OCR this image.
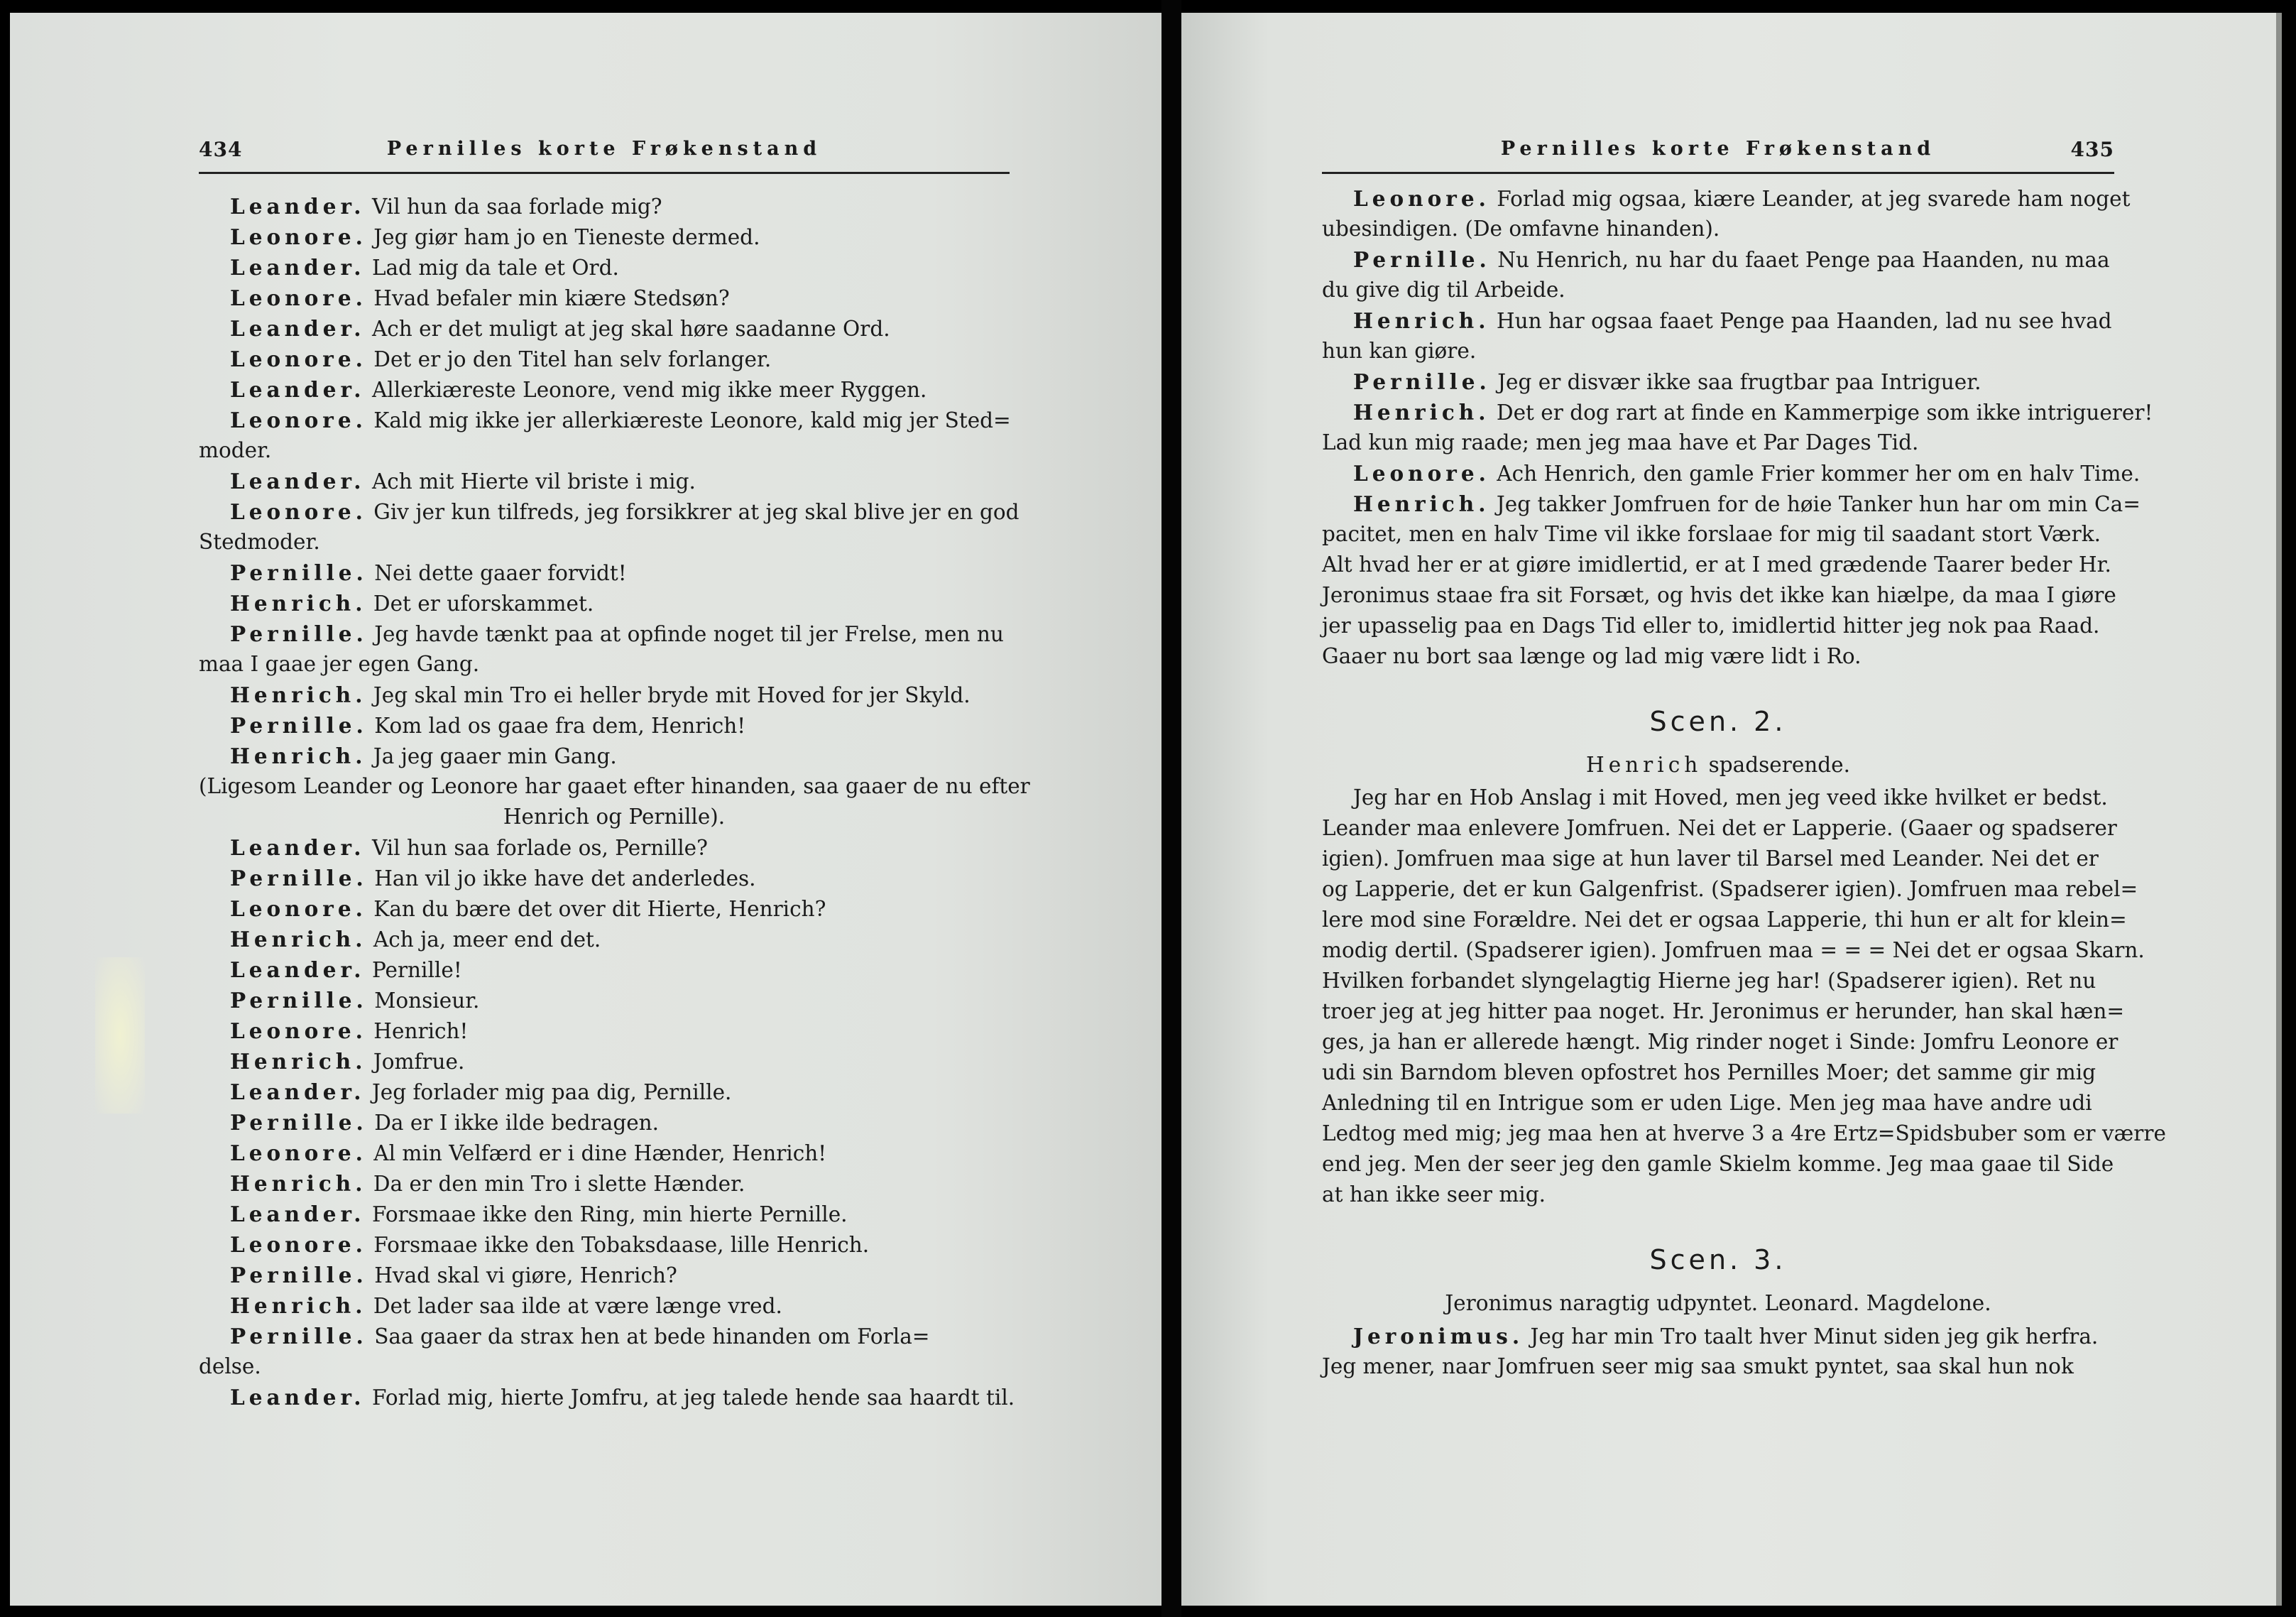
434	Pernilles korte Frøkenstand
Leander. Vil hun da saa forlade mig?
Leonore. Jeg giør ham jo en Tieneste dermed.
Leander. Lad mig da tale et Ord.
Leonore. Hvad befaler min kiære Stedsøn?
Leander. Ach er det muligt at jeg skal høre saadanne Ord.
Leonore. Det er jo den Titel han selv forlanger.
Leander. Allerkiæreste Leonore, vend mig ikke meer Ryggen.
Leonore. Kald mig ikke jer allerkiæreste Leonore, kald mig jer Sted=
moder.
Leander. Ach mit Hierte vil briste i mig.
Leonore. Giv jer kun tilfreds, jeg forsikkrer at jeg skal blive jer en god
Stedmoder.
Pernille. Nei dette gaaer forvidt!
Henrich. Det er uforskammet.
Pernille. Jeg havde tænkt paa at opfinde noget til jer Frelse, men nu
maa I gaae jer egen Gang.
Henrich. Jeg skal min Tro ei heller bryde mit Hoved for jer Skyld.
Pernille. Kom lad os gaae fra dem, Henrich!
Henrich. Ja jeg gaaer min Gang.
(Ligesom Leander og Leonore har gaaet efter hinanden, saa gaaer de nu efter
Henrich og Pernille).
Leander. Vil hun saa forlade os, Pernille?
Pernille. Han vil jo ikke have det anderledes.
Leonore. Kan du bære det over dit Hierte, Henrich?
Henrich. Ach ja, meer end det.
Leander. Pernille!
Pernille. Monsieur.
Leonore. Henrich!
Henrich. Jomfrue.
Leander. Jeg forlader mig paa dig, Pernille.
Pernille. Da er I ikke ilde bedragen.
Leonore. Al min Velfærd er i dine Hænder, Henrich!
Henrich. Da er den min Tro i slette Hænder.
Leander. Forsmaae ikke den Ring, min hierte Pernille.
Leonore. Forsmaae ikke den Tobaksdaase, lille Henrich.
Pernille. Hvad skal vi giøre, Henrich?
Henrich. Det lader saa ilde at være længe vred.
Pernille. Saa gaaer da strax hen at bede hinanden om Forla=
delse.
Leander. Forlad mig, hierte Jomfru, at jeg talede hende saa haardt til.
Pernilles korte Frøkenstand	435
Leonore. Forlad mig ogsaa, kiære Leander, at jeg svarede ham noget
ubesindigen. (De omfavne hinanden).
Pernille. Nu Henrich, nu har du faaet Penge paa Haanden, nu maa
du give dig til Arbeide.
Henrich. Hun har ogsaa faaet Penge paa Haanden, lad nu see hvad
hun kan giøre.
Pernille. Jeg er disvær ikke saa frugtbar paa Intriguer.
Henrich. Det er dog rart at finde en Kammerpige som ikke intriguerer!
Lad kun mig raade; men jeg maa have et Par Dages Tid.
Leonore. Ach Henrich, den gamle Frier kommer her om en halv Time.
Henrich. Jeg takker Jomfruen for de høie Tanker hun har om min Ca=
pacitet, men en halv Time vil ikke forslaae for mig til saadant stort Værk.
Alt hvad her er at giøre imidlertid, er at I med grædende Taarer beder Hr.
Jeronimus staae fra sit Forsæt, og hvis det ikke kan hiælpe, da maa I giøre
jer upasselig paa en Dags Tid eller to, imidlertid hitter jeg nok paa Raad.
Gaaer nu bort saa længe og lad mig være lidt i Ro.
Scen. 2.
Henrich spadserende.
Jeg har en Hob Anslag i mit Hoved, men jeg veed ikke hvilket er bedst.
Leander maa enlevere Jomfruen. Nei det er Lapperie. (Gaaer og spadserer
igien). Jomfruen maa sige at hun laver til Barsel med Leander. Nei det er
og Lapperie, det er kun Galgenfrist. (Spadserer igien). Jomfruen maa rebel=
lere mod sine Forældre. Nei det er ogsaa Lapperie, thi hun er alt for klein=
modig dertil. (Spadserer igien). Jomfruen maa = = = Nei det er ogsaa Skarn.
Hvilken forbandet slyngelagtig Hierne jeg har! (Spadserer igien). Ret nu
troer jeg at jeg hitter paa noget. Hr. Jeronimus er herunder, han skal hæn=
ges, ja han er allerede hængt. Mig rinder noget i Sinde: Jomfru Leonore er
udi sin Barndom bleven opfostret hos Pernilles Moer; det samme gir mig
Anledning til en Intrigue som er uden Lige. Men jeg maa have andre udi
Ledtog med mig; jeg maa hen at hverve 3 a 4re Ertz=Spidsbuber som er værre
end jeg. Men der seer jeg den gamle Skielm komme. Jeg maa gaae til Side
at han ikke seer mig.
Scen. 3.
Jeronimus naragtig udpyntet. Leonard. Magdelone.
Jeronimus. Jeg har min Tro taalt hver Minut siden jeg gik herfra.
Jeg mener, naar Jomfruen seer mig saa smukt pyntet, saa skal hun nok
